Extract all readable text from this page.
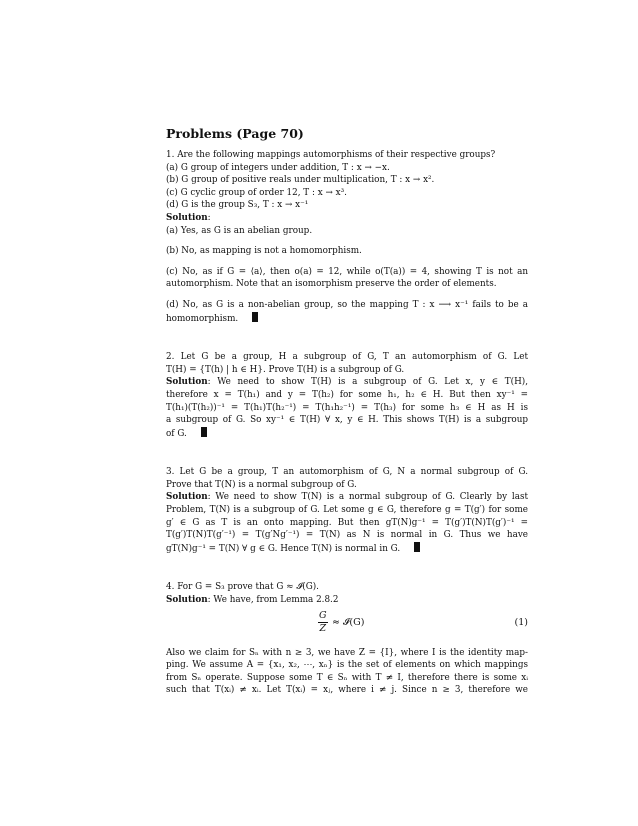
Problems (Page 70)
1. Are the following mappings automorphisms of their respective groups?
(a) G group of integers under addition, T : x → −x.
(b) G group of positive reals under multiplication, T : x → x².
(c) G cyclic group of order 12, T : x → x³.
(d) G is the group S₃, T : x → x⁻¹
Solution:
(a) Yes, as G is an abelian group.
(b) No, as mapping is not a homomorphism.
(c) No, as if G = ⟨a⟩, then o(a) = 12, while o(T(a)) = 4, showing T is not an
automorphism. Note that an isomorphism preserve the order of elements.
(d) No, as G is a non-abelian group, so the mapping T : x ⟶ x⁻¹ fails to be a
homomorphism.
2. Let G be a group, H a subgroup of G, T an automorphism of G. Let
T(H) = {T(h) | h ∈ H}. Prove T(H) is a subgroup of G.
Solution: We need to show T(H) is a subgroup of G. Let x, y ∈ T(H),
therefore x = T(h₁) and y = T(h₂) for some h₁, h₂ ∈ H. But then xy⁻¹ =
T(h₁)(T(h₂))⁻¹ = T(h₁)T(h₂⁻¹) = T(h₁h₂⁻¹) = T(h₃) for some h₃ ∈ H as H is
a subgroup of G. So xy⁻¹ ∈ T(H) ∀ x, y ∈ H. This shows T(H) is a subgroup
of G.
3. Let G be a group, T an automorphism of G, N a normal subgroup of G.
Prove that T(N) is a normal subgroup of G.
Solution: We need to show T(N) is a normal subgroup of G. Clearly by last
Problem, T(N) is a subgroup of G. Let some g ∈ G, therefore g = T(g′) for some
g′ ∈ G as T is an onto mapping. But then gT(N)g⁻¹ = T(g′)T(N)T(g′)⁻¹ =
T(g′)T(N)T(g′⁻¹) = T(g′Ng′⁻¹) = T(N) as N is normal in G. Thus we have
gT(N)g⁻¹ = T(N) ∀ g ∈ G. Hence T(N) is normal in G.
4. For G = S₃ prove that G ≈ 𝓘(G).
Solution: We have, from Lemma 2.8.2
$\frac{G}{Z}$ ≈ 𝓘(G)	(1)
Also we claim for Sₙ with n ≥ 3, we have Z = {I}, where I is the identity map-
ping. We assume A = {x₁, x₂, ⋯, xₙ} is the set of elements on which mappings
from Sₙ operate. Suppose some T ∈ Sₙ with T ≠ I, therefore there is some xᵢ
such that T(xᵢ) ≠ xᵢ. Let T(xᵢ) = xⱼ, where i ≠ j. Since n ≥ 3, therefore we
